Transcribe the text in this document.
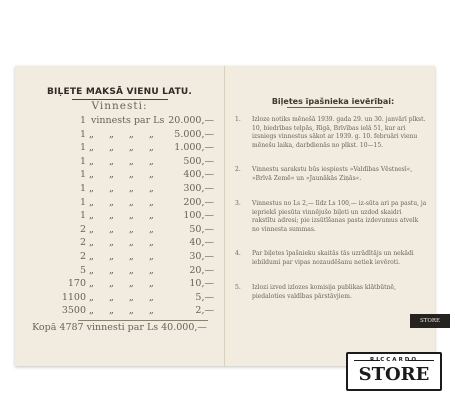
BIĻETE MAKSĀ VIENU LATU.
Vinnesti:
1 vinnests par Ls 20.000,—
1 „ „ „ „ 5.000,—
1 „ „ „ „ 1.000,—
1 „ „ „ „ 500,—
1 „ „ „ „ 400,—
1 „ „ „ „ 300,—
1 „ „ „ „ 200,—
1 „ „ „ „ 100,—
2 „ „ „ „	50,—
2 „ „ „ „	40,—
2 „ „ „ „	30,—
5 „ „ „ „	20,—
170 „ „ „ „	10,—
1100 „ „ „ „	5,—
3500 „ „ „ „	2,—
Kopā 4787 vinnesti par Ls 40.000,—
Biļetes īpašnieka ievērībai:
1. Izloze notiks mēnešā 1939. gada 29. un 30. janvārī plkst. 10, biedrības telpās, Rīgā, Brīvības ielā 51, kur ari izsniegs vinnestus sākot ar 1939. g. 10. februāri vienu mēnešu laika, darbdienās no plkst. 10—15.
2. Vinnestu sarakstu būs iespiests »Valdības Vēstnesī«, »Brīvā Zemē« un »Jaunākās Ziņās«.
3. Vinnestus no Ls 2,— līdz Ls 100,— iz-sūta ari pa pastu, ja iepriekš piesūta vinnējušo biļeti un uzdod skaidri rakstītu adresi; pie izsūtīšanas pasta izdevumus atvelk no vinnesta summas.
4. Par biļetes īpašnieku skaitās tās uzrādītājs un nekādi iebildumi par vipas nozaudēšanu netiek ievēroti.
5. Izlozi izved izlozes komisija publikas klātbūtnē, piedaloties valdības pārstāvjiem.
STORE
RICCARDO
STORE
